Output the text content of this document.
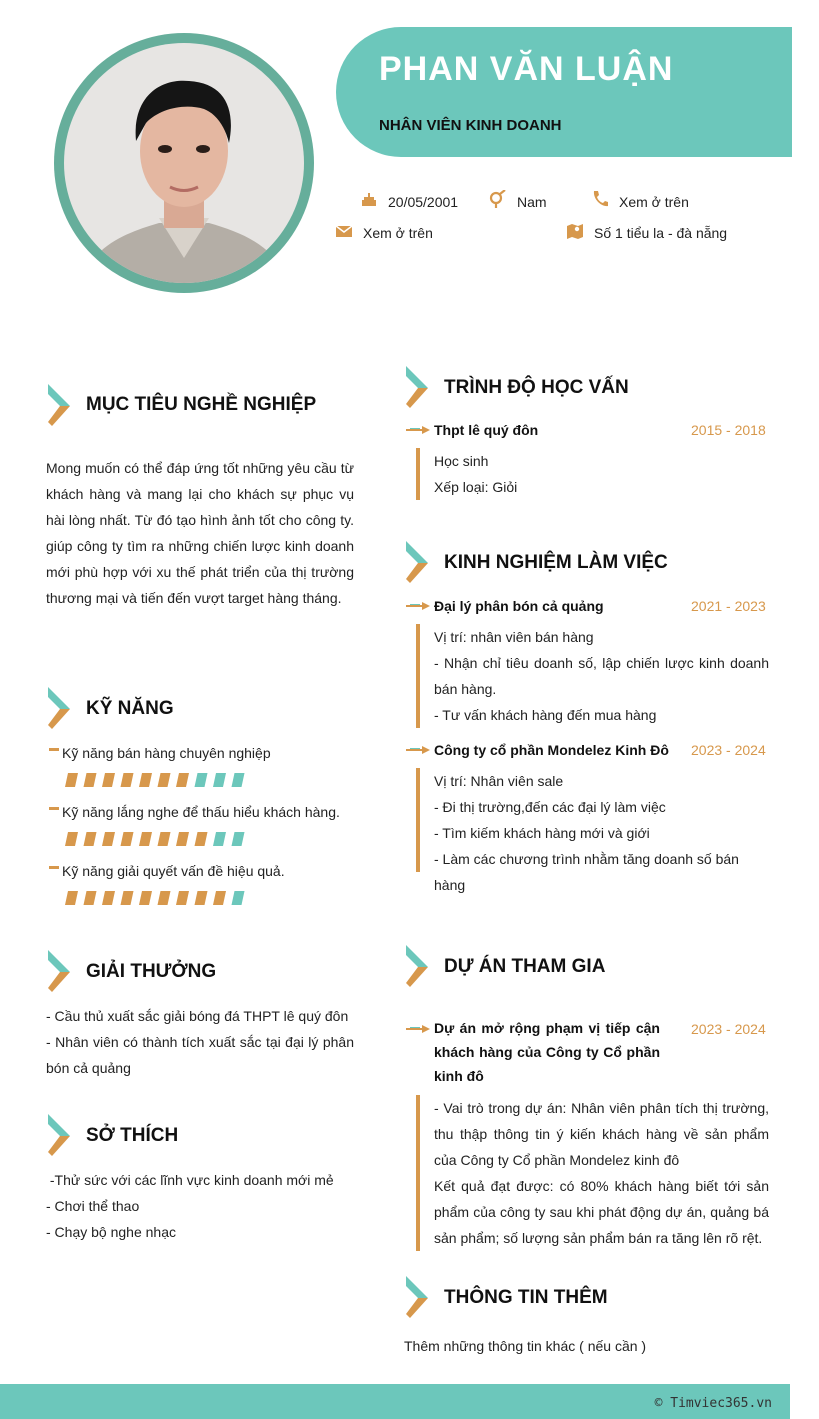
PHAN VĂN LUẬN
NHÂN VIÊN KINH DOANH
20/05/2001	Nam	Xem ở trên
Xem ở trên	Số 1 tiểu la - đà nẵng
MỤC TIÊU NGHỀ NGHIỆP
Mong muốn có thể đáp ứng tốt những yêu cầu từ khách hàng và mang lại cho khách sự phục vụ hài lòng nhất. Từ đó tạo hình ảnh tốt cho công ty. giúp công ty tìm ra những chiến lược kinh doanh mới phù hợp với xu thế phát triển của thị trường thương mại và tiến đến vượt target hàng tháng.
KỸ NĂNG
Kỹ năng bán hàng chuyên nghiệp
Kỹ năng lắng nghe để thấu hiểu khách hàng.
Kỹ năng giải quyết vấn đề hiệu quả.
GIẢI THƯỞNG
- Cầu thủ xuất sắc giải bóng đá THPT lê quý đôn
- Nhân viên có thành tích xuất sắc tại đại lý phân bón cả quảng
SỞ THÍCH
-Thử sức với các lĩnh vực kinh doanh mới mẻ
- Chơi thể thao
- Chạy bộ nghe nhạc
TRÌNH ĐỘ HỌC VẤN
Thpt lê quý đôn	2015 - 2018
Học sinh
Xếp loại: Giỏi
KINH NGHIỆM LÀM VIỆC
Đại lý phân bón cả quảng	2021 - 2023
Vị trí: nhân viên bán hàng
- Nhận chỉ tiêu doanh số, lập chiến lược kinh doanh bán hàng.
- Tư vấn khách hàng đến mua hàng
Công ty cổ phần Mondelez Kinh Đô 2023 - 2024
Vị trí: Nhân viên sale
- Đi thị trường,đến các đại lý làm việc
- Tìm kiếm khách hàng mới và giới
- Làm các chương trình nhằm tăng doanh số bán hàng
DỰ ÁN THAM GIA
Dự án mở rộng phạm vị tiếp cận khách hàng của Công ty Cổ phần kinh đô
2023 - 2024
- Vai trò trong dự án: Nhân viên phân tích thị trường, thu thập thông tin ý kiến khách hàng về sản phẩm của Công ty Cổ phần Mondelez kinh đô
Kết quả đạt được: có 80% khách hàng biết tới sản phẩm của công ty sau khi phát động dự án, quảng bá sản phẩm; số lượng sản phẩm bán ra tăng lên rõ rệt.
THÔNG TIN THÊM
Thêm những thông tin khác ( nếu cần )
© Timviec365.vn
